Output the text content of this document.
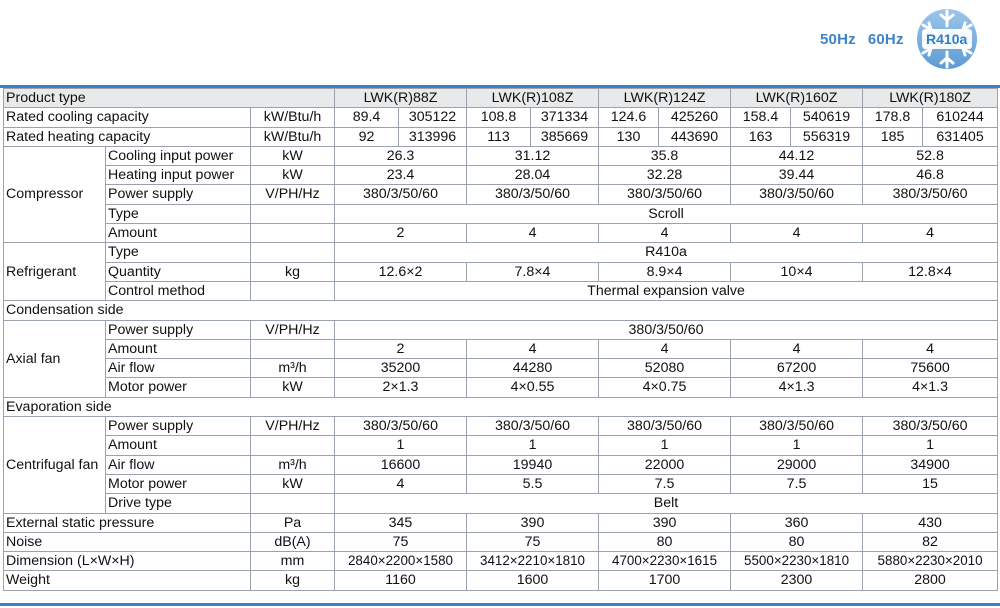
50Hz 60Hz	R410a
Product type			LWK(R)88Z		LWK(R)108Z		LWK(R)124Z		LWK(R)160Z		LWK(R)180Z	
Rated cooling capacity		kW/Btu/h	89.4	305122	108.8	371334	124.6	425260	158.4	540619	178.8	610244
Rated heating capacity		kW/Btu/h	92	313996	113	385669	130	443690	163	556319	185	631405
Compressor	Cooling input power	kW	26.3		31.12		35.8		44.12		52.8	
	Heating input power	kW	23.4		28.04		32.28		39.44		46.8	
	Power supply	V/PH/Hz	380/3/50/60		380/3/50/60		380/3/50/60		380/3/50/60		380/3/50/60	
	Type		Scroll									
	Amount		2		4		4		4		4	
Refrigerant	Type		R410a									
	Quantity	kg	12.6×2		7.8×4		8.9×4		10×4		12.8×4	
	Control method		Thermal expansion valve									
Condensation side												
Axial fan	Power supply	V/PH/Hz	380/3/50/60									
	Amount		2		4		4		4		4	
	Air flow	m³/h	35200		44280		52080		67200		75600	
	Motor power	kW	2×1.3		4×0.55		4×0.75		4×1.3		4×1.3	
Evaporation side												
Centrifugal fan	Power supply	V/PH/Hz	380/3/50/60		380/3/50/60		380/3/50/60		380/3/50/60		380/3/50/60	
	Amount		1		1		1		1		1	
	Air flow	m³/h	16600		19940		22000		29000		34900	
	Motor power	kW	4		5.5		7.5		7.5		15	
	Drive type		Belt									
External static pressure		Pa	345		390		390		360		430	
Noise		dB(A)	75		75		80		80		82	
Dimension (L×W×H)		mm	2840×2200×1580		3412×2210×1810		4700×2230×1615		5500×2230×1810		5880×2230×2010	
Weight		kg	1160		1600		1700		2300		2800	
